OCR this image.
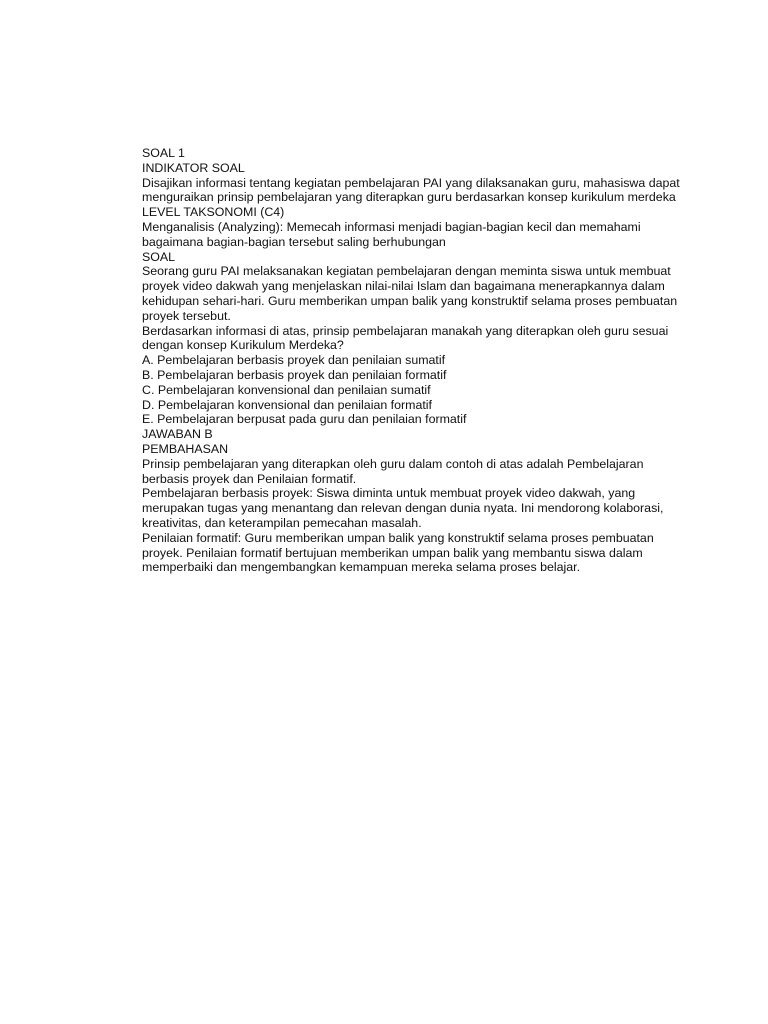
SOAL 1
INDIKATOR SOAL
Disajikan informasi tentang kegiatan pembelajaran PAI yang dilaksanakan guru, mahasiswa dapat menguraikan prinsip pembelajaran yang diterapkan guru berdasarkan konsep kurikulum merdeka
LEVEL TAKSONOMI (C4)
Menganalisis (Analyzing): Memecah informasi menjadi bagian-bagian kecil dan memahami bagaimana bagian-bagian tersebut saling berhubungan
SOAL
Seorang guru PAI melaksanakan kegiatan pembelajaran dengan meminta siswa untuk membuat proyek video dakwah yang menjelaskan nilai-nilai Islam dan bagaimana menerapkannya dalam kehidupan sehari-hari. Guru memberikan umpan balik yang konstruktif selama proses pembuatan proyek tersebut.
Berdasarkan informasi di atas, prinsip pembelajaran manakah yang diterapkan oleh guru sesuai dengan konsep Kurikulum Merdeka?
A. Pembelajaran berbasis proyek dan penilaian sumatif
B. Pembelajaran berbasis proyek dan penilaian formatif
C. Pembelajaran konvensional dan penilaian sumatif
D. Pembelajaran konvensional dan penilaian formatif
E. Pembelajaran berpusat pada guru dan penilaian formatif
JAWABAN B
PEMBAHASAN
Prinsip pembelajaran yang diterapkan oleh guru dalam contoh di atas adalah Pembelajaran berbasis proyek dan Penilaian formatif.
Pembelajaran berbasis proyek: Siswa diminta untuk membuat proyek video dakwah, yang merupakan tugas yang menantang dan relevan dengan dunia nyata. Ini mendorong kolaborasi, kreativitas, dan keterampilan pemecahan masalah.
Penilaian formatif: Guru memberikan umpan balik yang konstruktif selama proses pembuatan proyek. Penilaian formatif bertujuan memberikan umpan balik yang membantu siswa dalam memperbaiki dan mengembangkan kemampuan mereka selama proses belajar.
